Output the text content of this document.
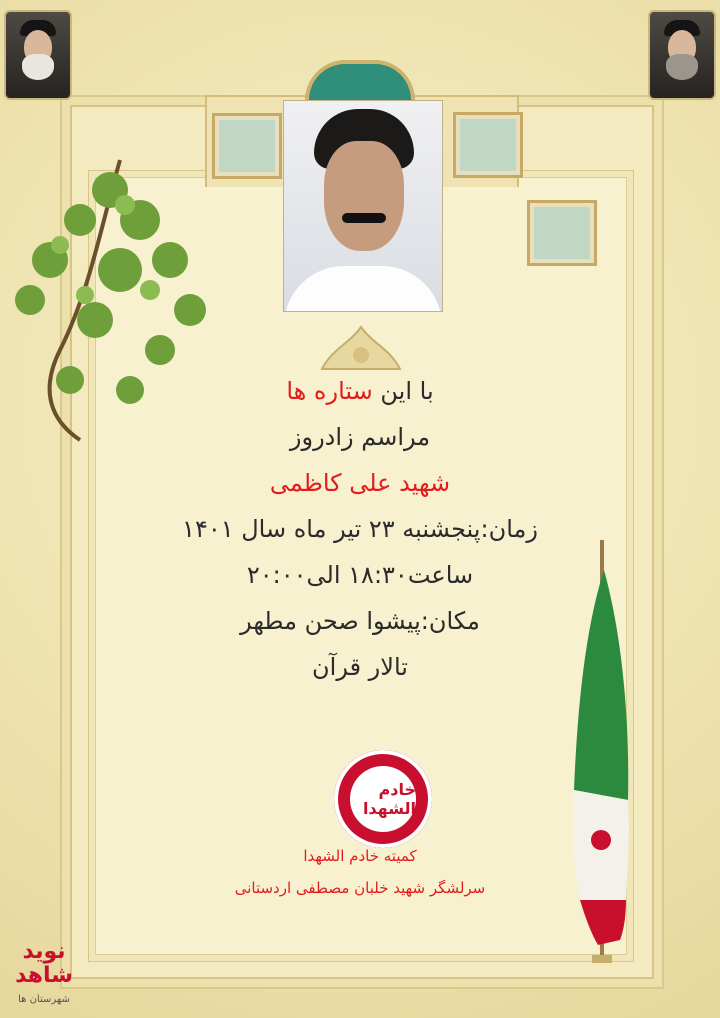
با این ستاره ها

مراسم زادروز

شهید علی کاظمی

زمان:پنجشنبه ۲۳ تیر ماه سال ۱۴۰۱

ساعت۱۸:۳۰ الی۲۰:۰۰

مکان:پیشوا صحن مطهر

تالار قرآن

خادم الشهدا

کمیته خادم الشهدا

سرلشگر شهید خلبان مصطفی اردستانی

نوید شاهد
شهرستان ها
